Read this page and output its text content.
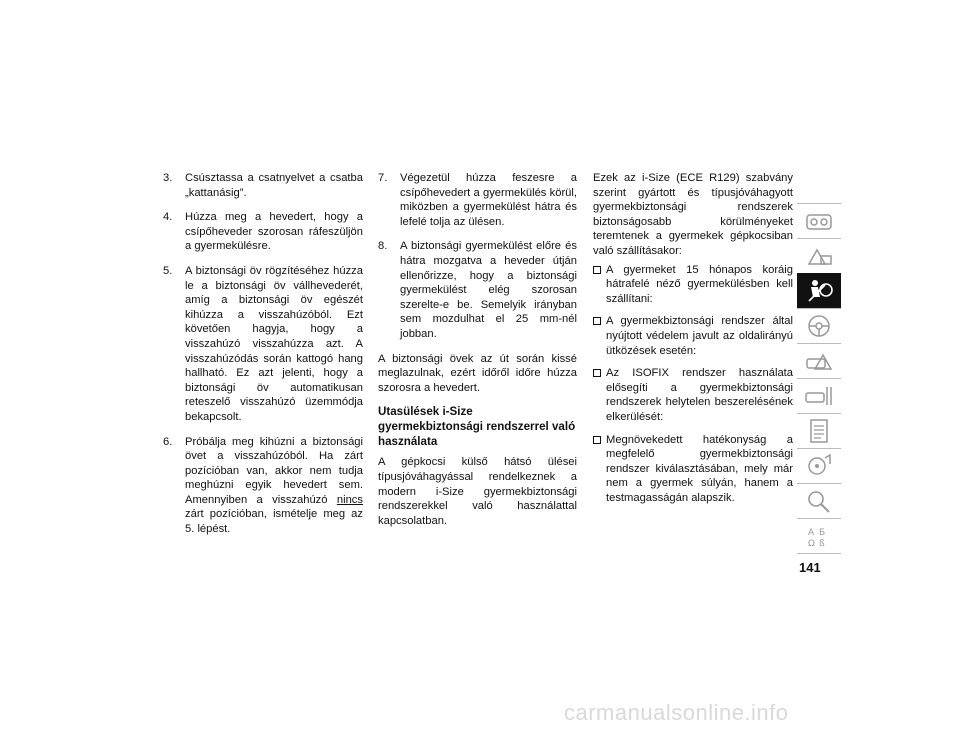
3. Csúsztassa a csatnyelvet a csatba „kattanásig”.
4. Húzza meg a hevedert, hogy a csípőheveder szorosan ráfeszüljön a gyermekülésre.
5. A biztonsági öv rögzítéséhez húzza le a biztonsági öv vállhevederét, amíg a biztonsági öv egészét kihúzza a visszahúzóból. Ezt követően hagyja, hogy a visszahúzó visszahúzza azt. A visszahúzódás során kattogó hang hallható. Ez azt jelenti, hogy a biztonsági öv automatikusan reteszelő visszahúzó üzemmódja bekapcsolt.
6. Próbálja meg kihúzni a biztonsági övet a visszahúzóból. Ha zárt pozícióban van, akkor nem tudja meghúzni egyik hevedert sem. Amennyiben a visszahúzó nincs zárt pozícióban, ismételje meg az 5. lépést.
7. Végezetül húzza feszesre a csípőhevedert a gyermekülés körül, miközben a gyermekülést hátra és lefelé tolja az ülésen.
8. A biztonsági gyermekülést előre és hátra mozgatva a heveder útján ellenőrizze, hogy a biztonsági gyermekülést elég szorosan szerelte-e be. Semelyik irányban sem mozdulhat el 25 mm-nél jobban.
A biztonsági övek az út során kissé meglazulnak, ezért időről időre húzza szorosra a hevedert.
Utasülések i-Size gyermekbiztonsági rendszerrel való használata
A gépkocsi külső hátsó ülései típusjóváhagyással rendelkeznek a modern i-Size gyermekbiztonsági rendszerekkel való használattal kapcsolatban.
Ezek az i-Size (ECE R129) szabvány szerint gyártott és típusjóváhagyott gyermekbiztonsági rendszerek biztonságosabb körülményeket teremtenek a gyermekek gépkocsiban való szállításakor:
A gyermeket 15 hónapos koráig hátrafelé néző gyermekülésben kell szállítani:
A gyermekbiztonsági rendszer által nyújtott védelem javult az oldalirányú ütközések esetén:
Az ISOFIX rendszer használata elősegíti a gyermekbiztonsági rendszerek helytelen beszerelésének elkerülését:
Megnövekedett hatékonyság a megfelelő gyermekbiztonsági rendszer kiválasztásában, mely már nem a gyermek súlyán, hanem a testmagasságán alapszik.
A Б
Ω ß
141
carmanualsonline.info
